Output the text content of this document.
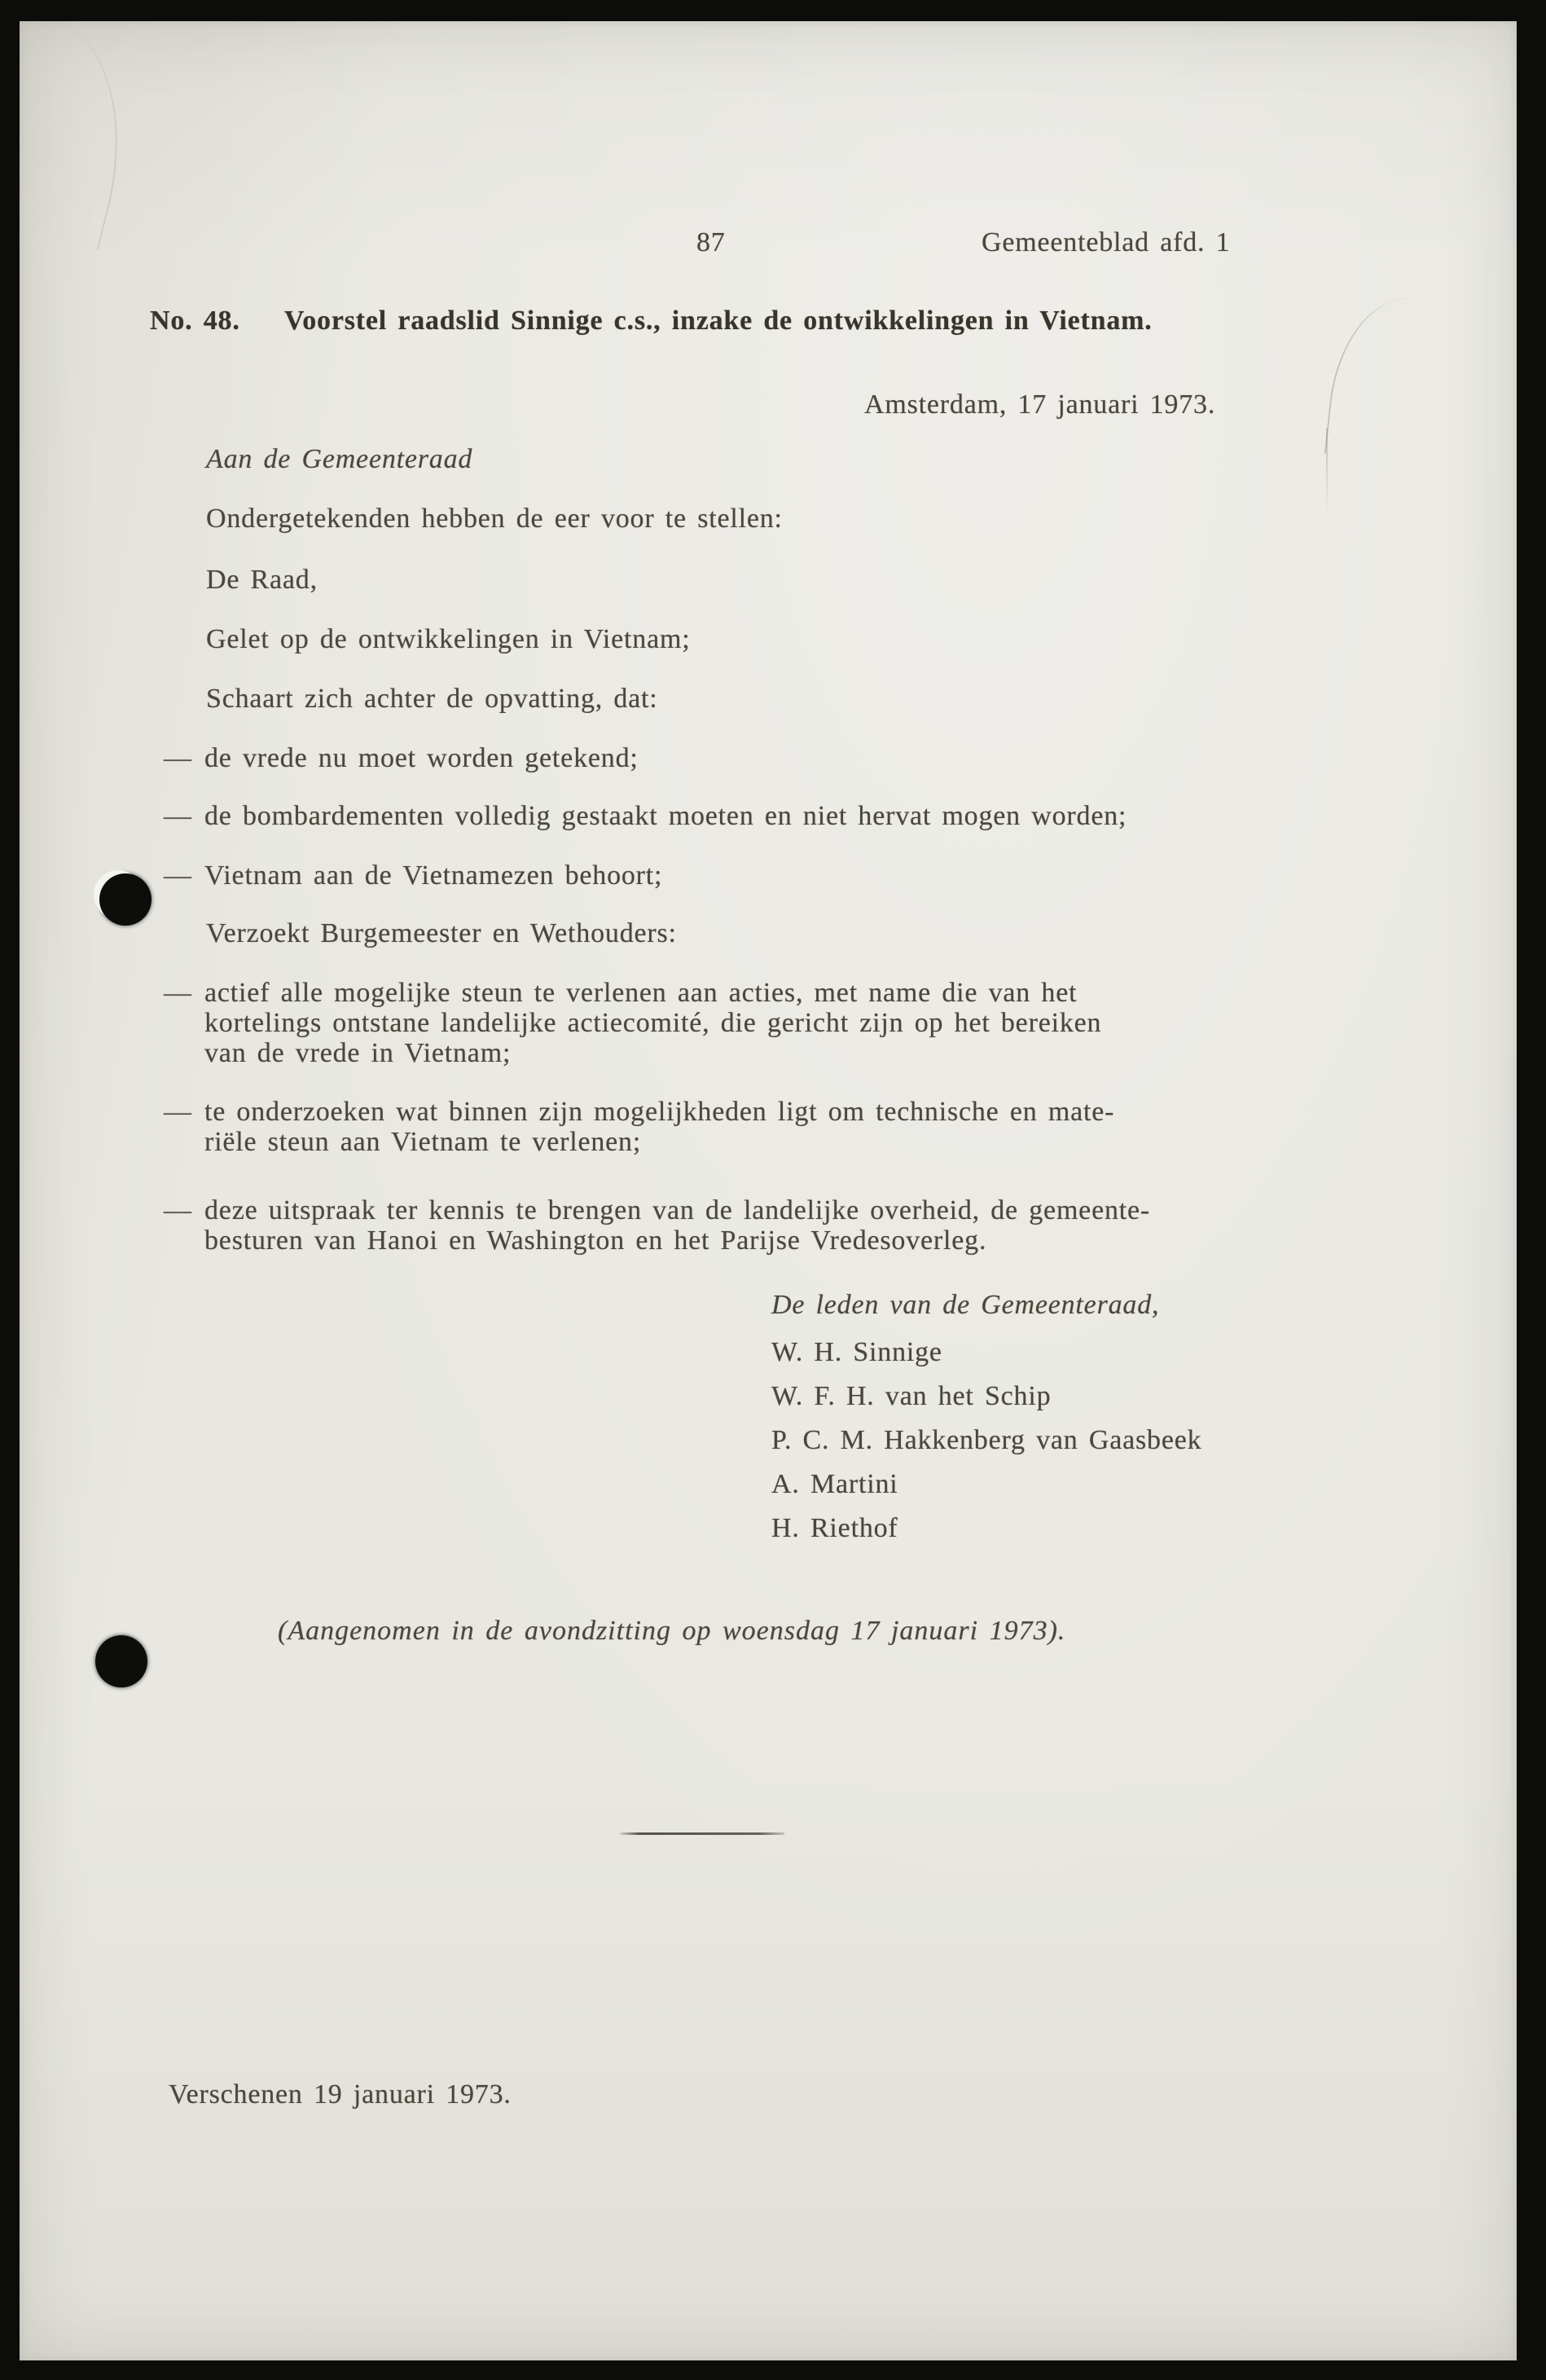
87	Gemeenteblad afd. 1
No. 48. Voorstel raadslid Sinnige c.s., inzake de ontwikkelingen in Vietnam.
Amsterdam, 17 januari 1973.
Aan de Gemeenteraad
Ondergetekenden hebben de eer voor te stellen:
De Raad,
Gelet op de ontwikkelingen in Vietnam;
Schaart zich achter de opvatting, dat:
— de vrede nu moet worden getekend;
— de bombardementen volledig gestaakt moeten en niet hervat mogen worden;
— Vietnam aan de Vietnamezen behoort;
Verzoekt Burgemeester en Wethouders:
— actief alle mogelijke steun te verlenen aan acties, met name die van het
kortelings ontstane landelijke actiecomité, die gericht zijn op het bereiken
van de vrede in Vietnam;
— te onderzoeken wat binnen zijn mogelijkheden ligt om technische en mate-
riële steun aan Vietnam te verlenen;
— deze uitspraak ter kennis te brengen van de landelijke overheid, de gemeente-
besturen van Hanoi en Washington en het Parijse Vredesoverleg.
De leden van de Gemeenteraad,
W. H. Sinnige
W. F. H. van het Schip
P. C. M. Hakkenberg van Gaasbeek
A. Martini
H. Riethof
(Aangenomen in de avondzitting op woensdag 17 januari 1973).
Verschenen 19 januari 1973.
